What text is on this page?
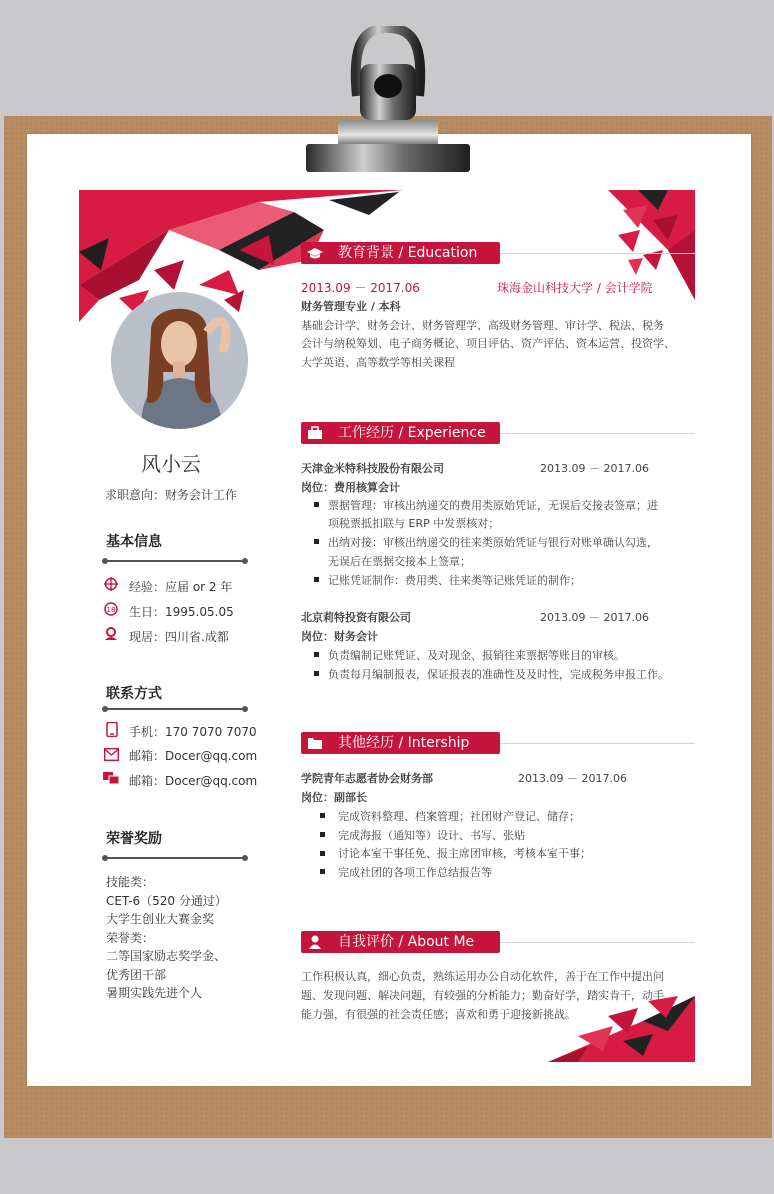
风小云
求职意向：财务会计工作
基本信息
经验：应届 or 2 年
18 生日：1995.05.05
现居：四川省.成都
联系方式
手机：170 7070 7070
邮箱：Docer@qq.com
邮箱：Docer@qq.com
荣誉奖励
技能类：
CET-6（520 分通过）
大学生创业大赛金奖
荣誉类：
二等国家励志奖学金、
优秀团干部
暑期实践先进个人
教育背景 / Education
2013.09 － 2017.06	珠海金山科技大学 / 会计学院
财务管理专业 / 本科
基础会计学、财务会计、财务管理学、高级财务管理、审计学、税法、税务
会计与纳税筹划、电子商务概论、项目评估、资产评估、资本运营、投资学、
大学英语、高等数学等相关课程
工作经历 / Experience
天津金米特科技股份有限公司	2013.09 － 2017.06
岗位：费用核算会计
票据管理：审核出纳递交的费用类原始凭证，无误后交接表签章；进
项税票抵扣联与 ERP 中发票核对；
出纳对接：审核出纳递交的往来类原始凭证与银行对账单确认勾选，
无误后在票据交接本上签章；
记账凭证制作：费用类、往来类等记账凭证的制作；
北京莉特投资有限公司	2013.09 － 2017.06
岗位：财务会计
负责编制记账凭证、及对现金、报销往来票据等账目的审核。
负责每月编制报表，保证报表的准确性及及时性，完成税务申报工作。
其他经历 / Intership
学院青年志愿者协会财务部	2013.09 － 2017.06
岗位：副部长
完成资料整理、档案管理；社团财产登记、储存；
完成海报（通知等）设计、书写、张贴
讨论本室干事任免、报主席团审核，考核本室干事；
完成社团的各项工作总结报告等
自我评价 / About Me
工作积极认真，细心负责，熟练运用办公自动化软件，善于在工作中提出问
题、发现问题、解决问题，有较强的分析能力；勤奋好学，踏实肯干，动手
能力强，有很强的社会责任感；喜欢和勇于迎接新挑战。
